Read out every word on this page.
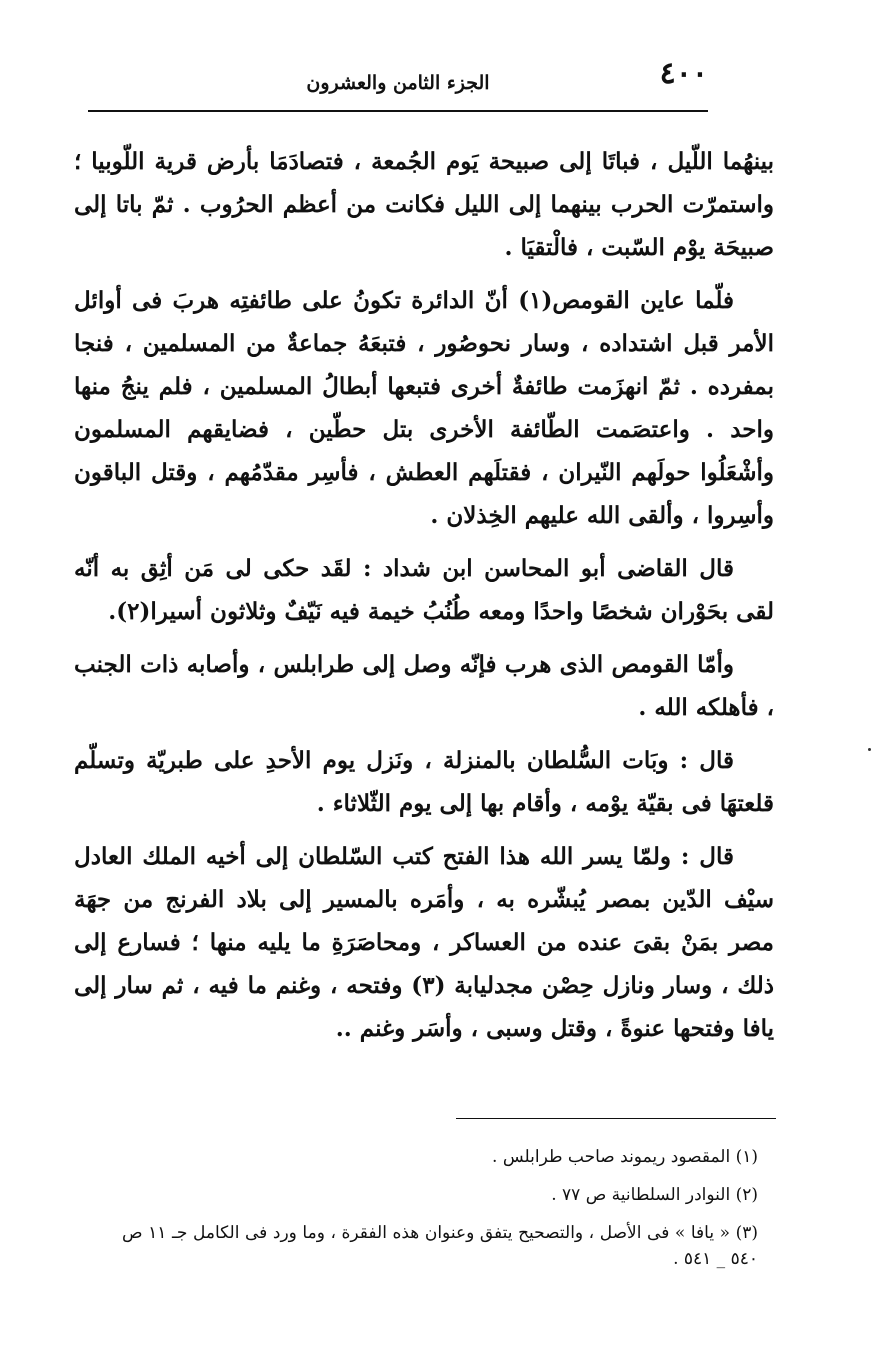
٤٠٠
الجزء الثامن والعشرون

بينهُما اللّيل ، فباتَا إلى صبيحة يَوم الجُمعة ، فتصادَمَا بأرض قرية اللّوبيا ؛ واستمرّت الحرب بينهما إلى الليل فكانت من أعظم الحرُوب . ثمّ باتا إلى صبيحَة يوْم السّبت ، فالْتقيَا .

فلّما عاين القومص(١) أنّ الدائرة تكونُ على طائفتِه هربَ فى أوائل الأمر قبل اشتداده ، وسار نحوصُور ، فتبعَهُ جماعةٌ من المسلمين ، فنجا بمفرده . ثمّ انهزَمت طائفةٌ أخرى فتبعها أبطالُ المسلمين ، فلم ينجُ منها واحد . واعتصَمت الطّائفة الأخرى بتل حطّين ، فضايقهم المسلمون وأشْعَلُوا حولَهم النّيران ، فقتلَهم العطش ، فأسِر مقدّمُهم ، وقتل الباقون وأسِروا ، وألقى الله عليهم الخِذلان .

قال القاضى أبو المحاسن ابن شداد : لقَد حكى لى مَن أثِق به أنّه لقى بحَوْران شخصًا واحدًا ومعه طُنُبُ خيمة فيه نَيّفٌ وثلاثون أسيرا(٢).

وأمّا القومص الذى هرب فإنّه وصل إلى طرابلس ، وأصابه ذات الجنب ، فأهلكه الله .

قال : وبَات السُّلطان بالمنزلة ، ونَزل يوم الأحدِ على طبريّة وتسلّم قلعتهَا فى بقيّة يوْمه ، وأقام بها إلى يوم الثّلاثاء .

قال : ولمّا يسر الله هذا الفتح كتب السّلطان إلى أخيه الملك العادل سيْف الدّين بمصر يُبشّره به ، وأمَره بالمسير إلى بلاد الفرنج من جهَة مصر بمَنْ بقىَ عنده من العساكر ، ومحاصَرَةِ ما يليه منها ؛ فسارع إلى ذلك ، وسار ونازل حِصْن مجدليابة (٣) وفتحه ، وغنم ما فيه ، ثم سار إلى يافا وفتحها عنوةً ، وقتل وسبى ، وأسَر وغنم ..

(١) المقصود ريموند صاحب طرابلس .

(٢) النوادر السلطانية ص ٧٧ .

(٣) « يافا » فى الأصل ، والتصحيح يتفق وعنوان هذه الفقرة ، وما ورد فى الكامل جـ ١١ ص ٥٤٠ _ ٥٤١ .
